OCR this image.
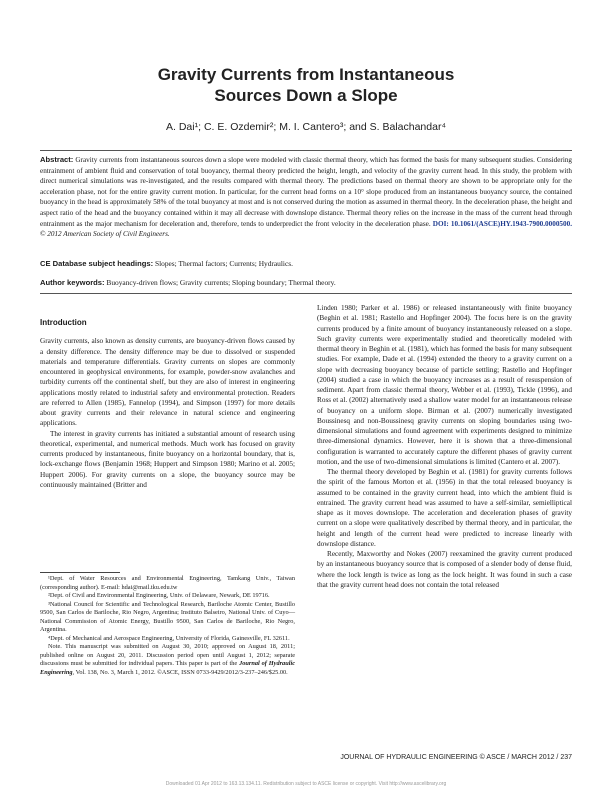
Gravity Currents from Instantaneous
Sources Down a Slope
A. Dai¹; C. E. Ozdemir²; M. I. Cantero³; and S. Balachandar⁴
Abstract: Gravity currents from instantaneous sources down a slope were modeled with classic thermal theory, which has formed the basis for many subsequent studies. Considering entrainment of ambient fluid and conservation of total buoyancy, thermal theory predicted the height, length, and velocity of the gravity current head. In this study, the problem with direct numerical simulations was re-investigated, and the results compared with thermal theory. The predictions based on thermal theory are shown to be appropriate only for the acceleration phase, not for the entire gravity current motion. In particular, for the current head forms on a 10° slope produced from an instantaneous buoyancy source, the contained buoyancy in the head is approximately 58% of the total buoyancy at most and is not conserved during the motion as assumed in thermal theory. In the deceleration phase, the height and aspect ratio of the head and the buoyancy contained within it may all decrease with downslope distance. Thermal theory relies on the increase in the mass of the current head through entrainment as the major mechanism for deceleration and, therefore, tends to underpredict the front velocity in the deceleration phase. DOI: 10.1061/(ASCE)HY.1943-7900.0000500. © 2012 American Society of Civil Engineers.
CE Database subject headings: Slopes; Thermal factors; Currents; Hydraulics.
Author keywords: Buoyancy-driven flows; Gravity currents; Sloping boundary; Thermal theory.
Introduction

Gravity currents, also known as density currents, are buoyancy-driven flows caused by a density difference. The density difference may be due to dissolved or suspended materials and temperature differentials. Gravity currents on slopes are commonly encountered in geophysical environments, for example, powder-snow avalanches and turbidity currents off the continental shelf, but they are also of interest in engineering applications mostly related to industrial safety and environmental protection. Readers are referred to Allen (1985), Fannelop (1994), and Simpson (1997) for more details about gravity currents and their relevance in natural science and engineering applications.

The interest in gravity currents has initiated a substantial amount of research using theoretical, experimental, and numerical methods. Much work has focused on gravity currents produced by instantaneous, finite buoyancy on a horizontal boundary, that is, lock-exchange flows (Benjamin 1968; Huppert and Simpson 1980; Marino et al. 2005; Huppert 2006). For gravity currents on a slope, the buoyancy source may be continuously maintained (Britter and

Linden 1980; Parker et al. 1986) or released instantaneously with finite buoyancy (Beghin et al. 1981; Rastello and Hopfinger 2004). The focus here is on the gravity currents produced by a finite amount of buoyancy instantaneously released on a slope. Such gravity currents were experimentally studied and theoretically modeled with thermal theory in Beghin et al. (1981), which has formed the basis for many subsequent studies. For example, Dade et al. (1994) extended the theory to a gravity current on a slope with decreasing buoyancy because of particle settling; Rastello and Hopfinger (2004) studied a case in which the buoyancy increases as a result of resuspension of sediment. Apart from classic thermal theory, Webber et al. (1993), Tickle (1996), and Ross et al. (2002) alternatively used a shallow water model for an instantaneous release of buoyancy on a uniform slope. Birman et al. (2007) numerically investigated Boussinesq and non-Boussinesq gravity currents on sloping boundaries using two-dimensional simulations and found agreement with experiments designed to minimize three-dimensional dynamics. However, here it is shown that a three-dimensional configuration is warranted to accurately capture the different phases of gravity current motion, and the use of two-dimensional simulations is limited (Cantero et al. 2007).

The thermal theory developed by Beghin et al. (1981) for gravity currents follows the spirit of the famous Morton et al. (1956) in that the total released buoyancy is assumed to be contained in the gravity current head, into which the ambient fluid is entrained. The gravity current head was assumed to have a self-similar, semielliptical shape as it moves downslope. The acceleration and deceleration phases of gravity current on a slope were qualitatively described by thermal theory, and in particular, the height and length of the current head were predicted to increase linearly with downslope distance.

Recently, Maxworthy and Nokes (2007) reexamined the gravity current produced by an instantaneous buoyancy source that is composed of a slender body of dense fluid, where the lock length is twice as long as the lock height. It was found in such a case that the gravity current head does not contain the total released

¹Dept. of Water Resources and Environmental Engineering, Tamkang Univ., Taiwan (corresponding author). E-mail: hdai@mail.tku.edu.tw

²Dept. of Civil and Environmental Engineering, Univ. of Delaware, Newark, DE 19716.

³National Council for Scientific and Technological Research, Bariloche Atomic Center, Bustillo 9500, San Carlos de Bariloche, Rio Negro, Argentina; Instituto Balseiro, National Univ. of Cuyo—National Commission of Atomic Energy, Bustillo 9500, San Carlos de Bariloche, Rio Negro, Argentina.

⁴Dept. of Mechanical and Aerospace Engineering, University of Florida, Gainesville, FL 32611.

Note. This manuscript was submitted on August 30, 2010; approved on August 18, 2011; published online on August 20, 2011. Discussion period open until August 1, 2012; separate discussions must be submitted for individual papers. This paper is part of the Journal of Hydraulic Engineering, Vol. 138, No. 3, March 1, 2012. ©ASCE, ISSN 0733-9429/2012/3-237–246/$25.00.

JOURNAL OF HYDRAULIC ENGINEERING © ASCE / MARCH 2012 / 237
Downloaded 01 Apr 2012 to 163.13.134.11. Redistribution subject to ASCE license or copyright. Visit http://www.ascelibrary.org
